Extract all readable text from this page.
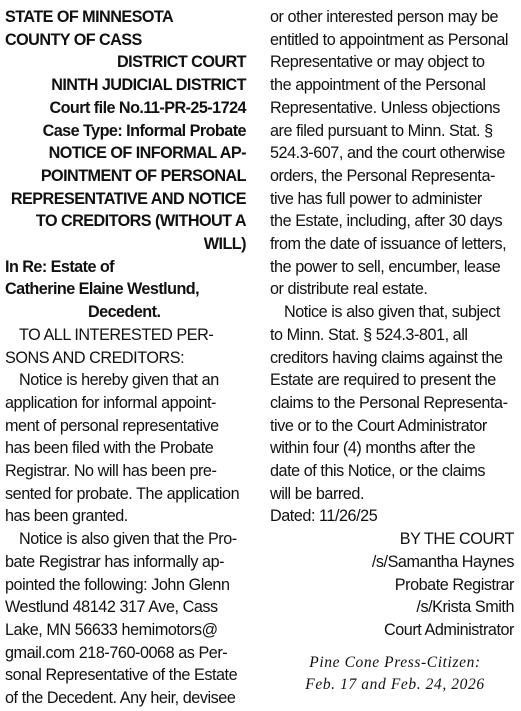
STATE OF MINNESOTA
COUNTY OF CASS
DISTRICT COURT
NINTH JUDICIAL DISTRICT
Court file No.11-PR-25-1724
Case Type: Informal Probate
NOTICE OF INFORMAL AP-
POINTMENT OF PERSONAL
REPRESENTATIVE AND NOTICE
TO CREDITORS (WITHOUT A
WILL)
In Re: Estate of
Catherine Elaine Westlund,
Decedent.
TO ALL INTERESTED PER-
SONS AND CREDITORS:
Notice is hereby given that an
application for informal appoint-
ment of personal representative
has been filed with the Probate
Registrar. No will has been pre-
sented for probate. The application
has been granted.
Notice is also given that the Pro-
bate Registrar has informally ap-
pointed the following: John Glenn
Westlund 48142 317 Ave, Cass
Lake, MN 56633 hemimotors@
gmail.com 218-760-0068 as Per-
sonal Representative of the Estate
of the Decedent. Any heir, devisee
or other interested person may be
entitled to appointment as Personal
Representative or may object to
the appointment of the Personal
Representative. Unless objections
are filed pursuant to Minn. Stat. §
524.3-607, and the court otherwise
orders, the Personal Representa-
tive has full power to administer
the Estate, including, after 30 days
from the date of issuance of letters,
the power to sell, encumber, lease
or distribute real estate.
Notice is also given that, subject
to Minn. Stat. § 524.3-801, all
creditors having claims against the
Estate are required to present the
claims to the Personal Representa-
tive or to the Court Administrator
within four (4) months after the
date of this Notice, or the claims
will be barred.
Dated: 11/26/25
BY THE COURT
/s/Samantha Haynes
Probate Registrar
/s/Krista Smith
Court Administrator
Pine Cone Press-Citizen:
Feb. 17 and Feb. 24, 2026
